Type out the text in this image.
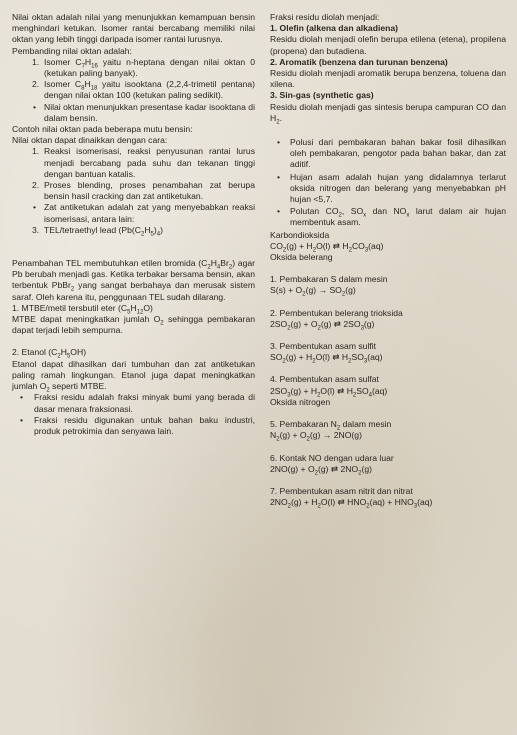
Nilai oktan adalah nilai yang menunjukkan kemampuan bensin menghindari ketukan. Isomer rantai bercabang memiliki nilai oktan yang lebih tinggi daripada isomer rantai lurusnya.

Pembanding nilai oktan adalah:

1. Isomer $C_7H_{16}$ yaitu n-heptana dengan nilai oktan 0 (ketukan paling banyak).
2. Isomer $C_8H_{18}$ yaitu isooktana (2,2,4-trimetil pentana) dengan nilai oktan 100 (ketukan paling sedikit).
• Nilai oktan menunjukkan presentase kadar isooktana di dalam bensin.

Contoh nilai oktan pada beberapa mutu bensin:

Nilai oktan dapat dinaikkan dengan cara:

1. Reaksi isomerisasi, reaksi penyusunan rantai lurus menjadi bercabang pada suhu dan tekanan tinggi dengan bantuan katalis.
2. Proses blending, proses penambahan zat berupa bensin hasil cracking dan zat antiketukan.
• Zat antiketukan adalah zat yang menyebabkan reaksi isomerisasi, antara lain:
3. TEL/tetraethyl lead $(Pb(C_2H_5)_4)$

Penambahan TEL membutuhkan etilen bromida $(C_2H_4Br_2)$ agar Pb berubah menjadi gas. Ketika terbakar bersama bensin, akan terbentuk PbBr$_2$ yang sangat berbahaya dan merusak sistem saraf. Oleh karena itu, penggunaan TEL sudah dilarang.

1. MTBE/metil tersbutil eter $(C_5H_{12}O)$

MTBE dapat meningkatkan jumlah $O_2$ sehingga pembakaran dapat terjadi lebih sempurna.

2. Etanol $(C_2H_5OH)$

Etanol dapat dihasilkan dari tumbuhan dan zat antiketukan paling ramah lingkungan. Etanol juga dapat meningkatkan jumlah $O_2$ seperti MTBE.

• Fraksi residu adalah fraksi minyak bumi yang berada di dasar menara fraksionasi.
• Fraksi residu digunakan untuk bahan baku industri, produk petrokimia dan senyawa lain.

Fraksi residu diolah menjadi:

1. Olefin (alkena dan alkadiena)

Residu diolah menjadi olefin berupa etilena (etena), propilena (propena) dan butadiena.

2. Aromatik (benzena dan turunan benzena)

Residu diolah menjadi aromatik berupa benzena, toluena dan xilena.

3. Sin-gas (synthetic gas)

Residu diolah menjadi gas sintesis berupa campuran CO dan $H_2$.

• Polusi dari pembakaran bahan bakar fosil dihasilkan oleh pembakaran, pengotor pada bahan bakar, dan zat aditif.
• Hujan asam adalah hujan yang didalamnya terlarut oksida nitrogen dan belerang yang menyebabkan pH hujan <5,7.
• Polutan $CO_2$, $SO_x$ dan $NO_x$ larut dalam air hujan membentuk asam.

Karbondioksida

$CO_2(g) + H_2O(l)$ ⇄ $H_2CO_3(aq)$

Oksida belerang

1. Pembakaran S dalam mesin

$S(s) + O_2(g) \to SO_2(g)$

2. Pembentukan belerang trioksida

$2SO_2(g) + O_2(g)$ ⇄ $2SO_3(g)$

3. Pembentukan asam sulfit

$SO_2(g) + H_2O(l)$ ⇄ $H_2SO_3(aq)$

4. Pembentukan asam sulfat

$2SO_3(g) + H_2O(l)$ ⇄ $H_2SO_4(aq)$

Oksida nitrogen

5. Pembakaran $N_2$ dalam mesin

$N_2(g) + O_2(g) \to 2NO(g)$

6. Kontak NO dengan udara luar

$2NO(g) + O_2(g)$ ⇄ $2NO_2(g)$

7. Pembentukan asam nitrit dan nitrat

$2NO_2(g) + H_2O(l)$ ⇄ $HNO_2(aq) + HNO_3(aq)$
